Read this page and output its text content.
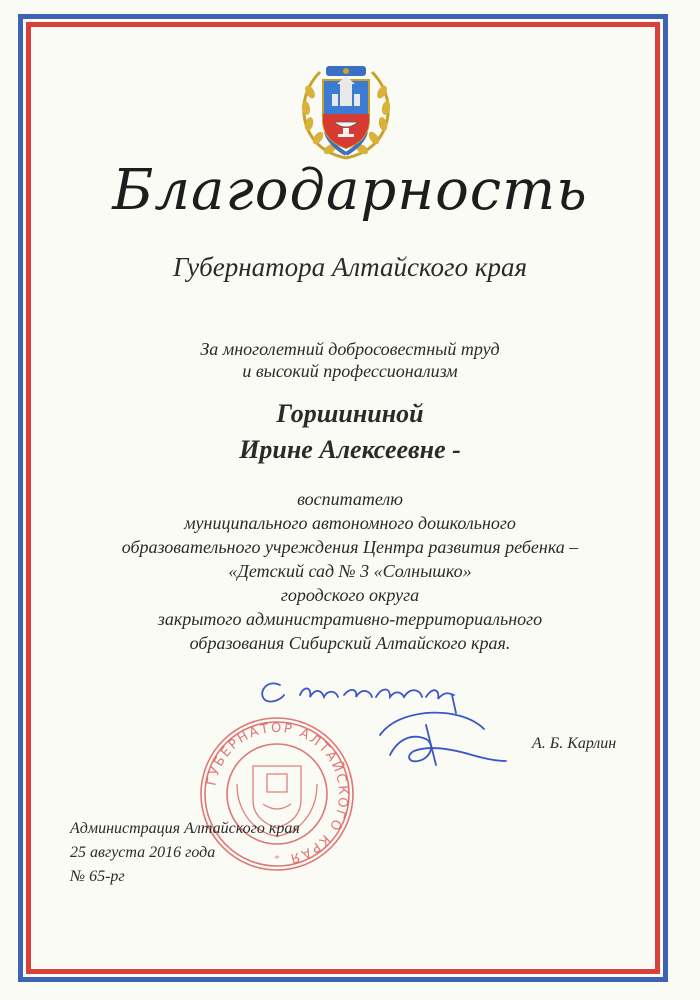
Благодарность
Губернатора Алтайского края
За многолетний добросовестный труд
и высокий профессионализм
Горшининой
Ирине Алексеевне -
воспитателю
муниципального автономного дошкольного
образовательного учреждения Центра развития ребенка –
«Детский сад № 3 «Солнышко»
городского округа
закрытого административно-территориального
образования Сибирский Алтайского края.
ГУБЕРНАТОР АЛТАЙСКОГО КРАЯ
*
А. Б. Карлин
Администрация Алтайского края
25 августа 2016 года
№ 65-рг
